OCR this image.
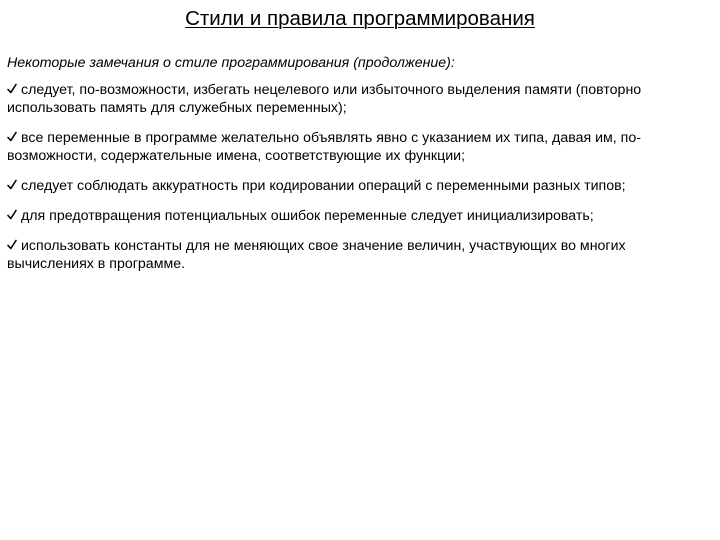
Стили и правила программирования
Некоторые замечания о стиле программирования (продолжение):
следует, по-возможности, избегать нецелевого или избыточного выделения памяти (повторно использовать память для служебных переменных);
все переменные в программе желательно объявлять явно с указанием их типа, давая им, по-возможности, содержательные имена, соответствующие их функции;
следует соблюдать аккуратность при кодировании операций с переменными разных типов;
для предотвращения потенциальных ошибок переменные следует инициализировать;
использовать константы для не меняющих свое значение величин, участвующих во многих вычислениях в программе.
